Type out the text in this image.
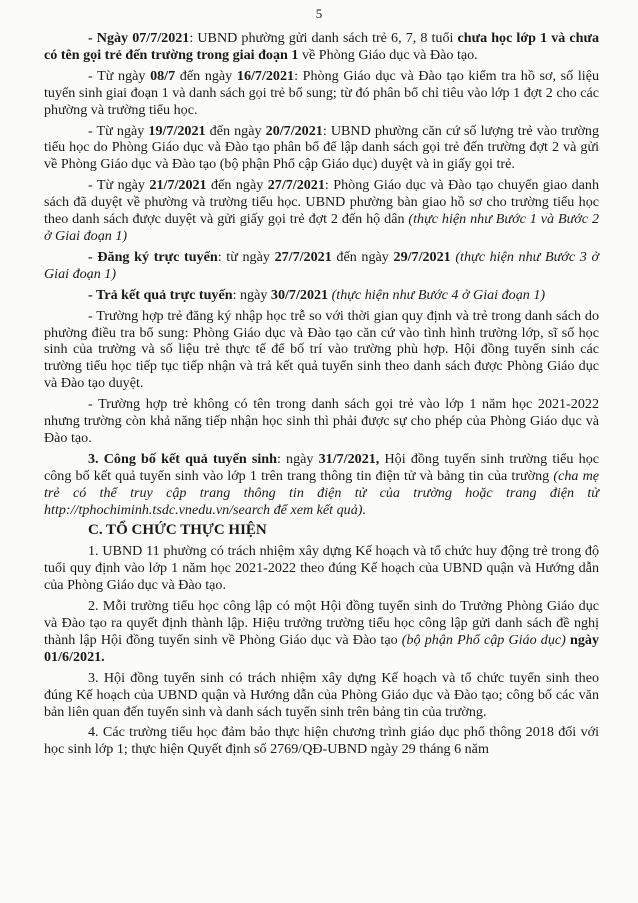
5

- Ngày 07/7/2021: UBND phường gửi danh sách trẻ 6, 7, 8 tuổi chưa học lớp 1 và chưa có tên gọi trẻ đến trường trong giai đoạn 1 về Phòng Giáo dục và Đào tạo.

- Từ ngày 08/7 đến ngày 16/7/2021: Phòng Giáo dục và Đào tạo kiểm tra hồ sơ, số liệu tuyển sinh giai đoạn 1 và danh sách gọi trẻ bổ sung; từ đó phân bổ chỉ tiêu vào lớp 1 đợt 2 cho các phường và trường tiểu học.

- Từ ngày 19/7/2021 đến ngày 20/7/2021: UBND phường căn cứ số lượng trẻ vào trường tiểu học do Phòng Giáo dục và Đào tạo phân bổ để lập danh sách gọi trẻ đến trường đợt 2 và gửi về Phòng Giáo dục và Đào tạo (bộ phận Phổ cập Giáo dục) duyệt và in giấy gọi trẻ.

- Từ ngày 21/7/2021 đến ngày 27/7/2021: Phòng Giáo dục và Đào tạo chuyển giao danh sách đã duyệt về phường và trường tiểu học. UBND phường bàn giao hồ sơ cho trường tiểu học theo danh sách được duyệt và gửi giấy gọi trẻ đợt 2 đến hộ dân (thực hiện như Bước 1 và Bước 2 ở Giai đoạn 1)

- Đăng ký trực tuyến: từ ngày 27/7/2021 đến ngày 29/7/2021 (thực hiện như Bước 3 ở Giai đoạn 1)

- Trả kết quả trực tuyến: ngày 30/7/2021 (thực hiện như Bước 4 ở Giai đoạn 1)

- Trường hợp trẻ đăng ký nhập học trễ so với thời gian quy định và trẻ trong danh sách do phường điều tra bổ sung: Phòng Giáo dục và Đào tạo căn cứ vào tình hình trường lớp, sĩ số học sinh của trường và số liệu trẻ thực tế để bố trí vào trường phù hợp. Hội đồng tuyển sinh các trường tiểu học tiếp tục tiếp nhận và trả kết quả tuyển sinh theo danh sách được Phòng Giáo dục và Đào tạo duyệt.

- Trường hợp trẻ không có tên trong danh sách gọi trẻ vào lớp 1 năm học 2021-2022 nhưng trường còn khả năng tiếp nhận học sinh thì phải được sự cho phép của Phòng Giáo dục và Đào tạo.

3. Công bố kết quả tuyển sinh: ngày 31/7/2021, Hội đồng tuyển sinh trường tiểu học công bố kết quả tuyển sinh vào lớp 1 trên trang thông tin điện tử và bảng tin của trường (cha mẹ trẻ có thể truy cập trang thông tin điện tử của trường hoặc trang điện tử http://tphochiminh.tsdc.vnedu.vn/search để xem kết quả).

C. TỔ CHỨC THỰC HIỆN

1. UBND 11 phường có trách nhiệm xây dựng Kế hoạch và tổ chức huy động trẻ trong độ tuổi quy định vào lớp 1 năm học 2021-2022 theo đúng Kế hoạch của UBND quận và Hướng dẫn của Phòng Giáo dục và Đào tạo.

2. Mỗi trường tiểu học công lập có một Hội đồng tuyển sinh do Trưởng Phòng Giáo dục và Đào tạo ra quyết định thành lập. Hiệu trưởng trường tiểu học công lập gửi danh sách đề nghị thành lập Hội đồng tuyển sinh về Phòng Giáo dục và Đào tạo (bộ phận Phổ cập Giáo dục) ngày 01/6/2021.

3. Hội đồng tuyển sinh có trách nhiệm xây dựng Kế hoạch và tổ chức tuyển sinh theo đúng Kế hoạch của UBND quận và Hướng dẫn của Phòng Giáo dục và Đào tạo; công bố các văn bản liên quan đến tuyển sinh và danh sách tuyển sinh trên bảng tin của trường.

4. Các trường tiểu học đảm bảo thực hiện chương trình giáo dục phổ thông 2018 đối với học sinh lớp 1; thực hiện Quyết định số 2769/QĐ-UBND ngày 29 tháng 6 năm
